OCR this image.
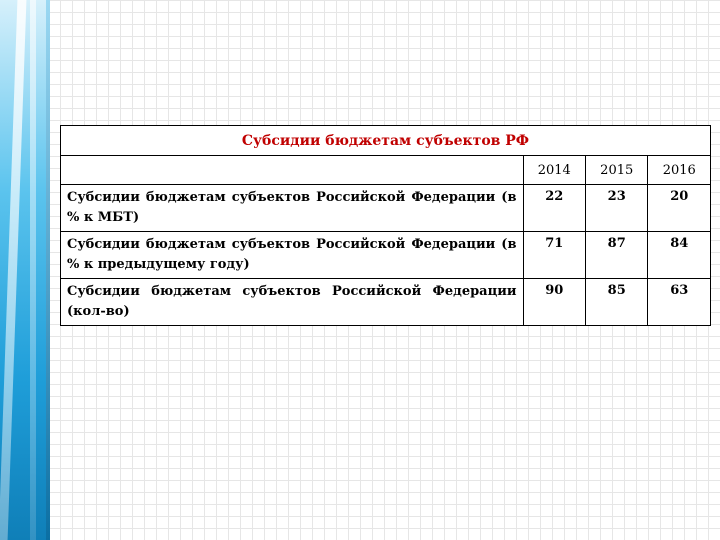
Субсидии бюджетам субъектов РФ			
	2014	2015	2016
Субсидии бюджетам субъектов Российской Федерации (в % к МБТ)	22	23	20
Субсидии бюджетам субъектов Российской Федерации (в % к предыдущему году)	71	87	84
Субсидии бюджетам субъектов Российской Федерации (кол-во)	90	85	63
